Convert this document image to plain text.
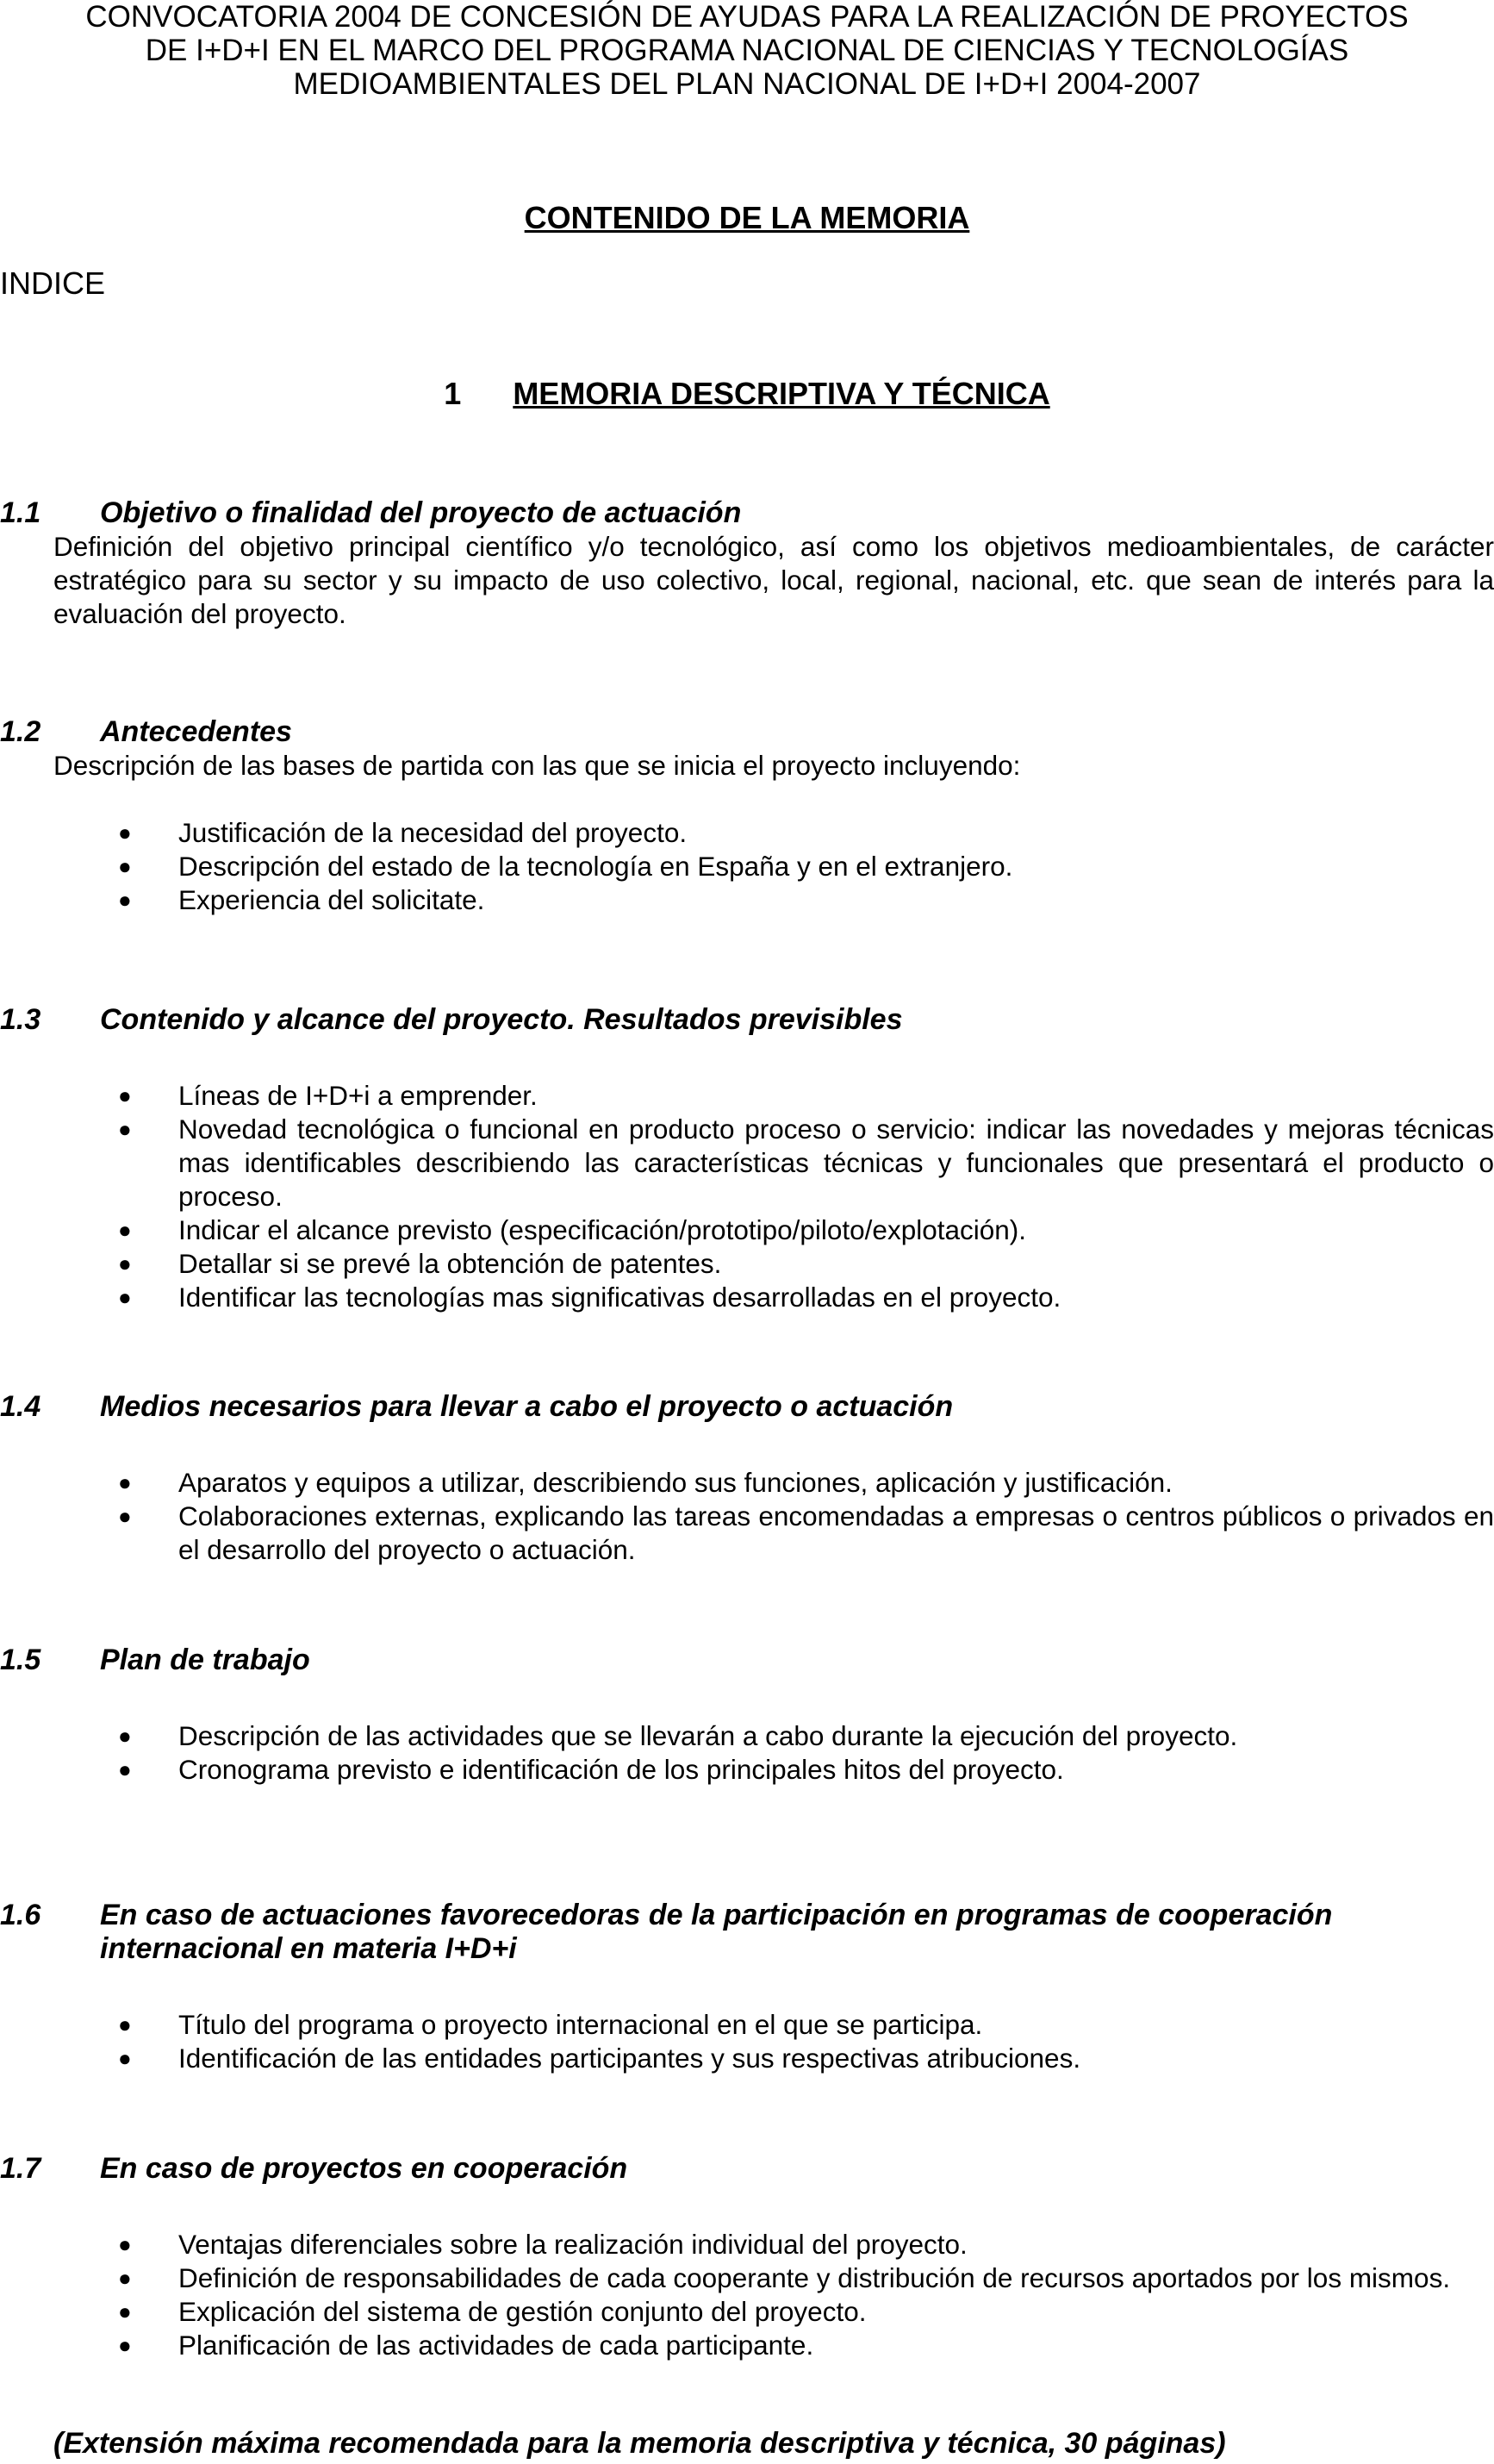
CONVOCATORIA 2004 DE CONCESIÓN DE AYUDAS PARA LA REALIZACIÓN DE PROYECTOS
DE I+D+I EN EL MARCO DEL PROGRAMA NACIONAL DE CIENCIAS Y TECNOLOGÍAS
MEDIOAMBIENTALES DEL PLAN NACIONAL DE I+D+I 2004-2007
CONTENIDO DE LA MEMORIA
INDICE
1 MEMORIA DESCRIPTIVA Y TÉCNICA
1.1 Objetivo o finalidad del proyecto de actuación
Definición del objetivo principal científico y/o tecnológico, así como los objetivos medioambientales, de carácter estratégico para su sector y su impacto de uso colectivo, local, regional, nacional, etc. que sean de interés para la evaluación del proyecto.
1.2 Antecedentes
Descripción de las bases de partida con las que se inicia el proyecto incluyendo:
● Justificación de la necesidad del proyecto.
● Descripción del estado de la tecnología en España y en el extranjero.
● Experiencia del solicitate.
1.3 Contenido y alcance del proyecto. Resultados previsibles
● Líneas de I+D+i a emprender.
● Novedad tecnológica o funcional en producto proceso o servicio: indicar las novedades y mejoras técnicas mas identificables describiendo las características técnicas y funcionales que presentará el producto o proceso.
● Indicar el alcance previsto (especificación/prototipo/piloto/explotación).
● Detallar si se prevé la obtención de patentes.
● Identificar las tecnologías mas significativas desarrolladas en el proyecto.
1.4 Medios necesarios para llevar a cabo el proyecto o actuación
● Aparatos y equipos a utilizar, describiendo sus funciones, aplicación y justificación.
● Colaboraciones externas, explicando las tareas encomendadas a empresas o centros públicos o privados en el desarrollo del proyecto o actuación.
1.5 Plan de trabajo
● Descripción de las actividades que se llevarán a cabo durante la ejecución del proyecto.
● Cronograma previsto e identificación de los principales hitos del proyecto.
1.6 En caso de actuaciones favorecedoras de la participación en programas de cooperación internacional en materia I+D+i
● Título del programa o proyecto internacional en el que se participa.
● Identificación de las entidades participantes y sus respectivas atribuciones.
1.7 En caso de proyectos en cooperación
● Ventajas diferenciales sobre la realización individual del proyecto.
● Definición de responsabilidades de cada cooperante y distribución de recursos aportados por los mismos.
● Explicación del sistema de gestión conjunto del proyecto.
● Planificación de las actividades de cada participante.
(Extensión máxima recomendada para la memoria descriptiva y técnica, 30 páginas)
